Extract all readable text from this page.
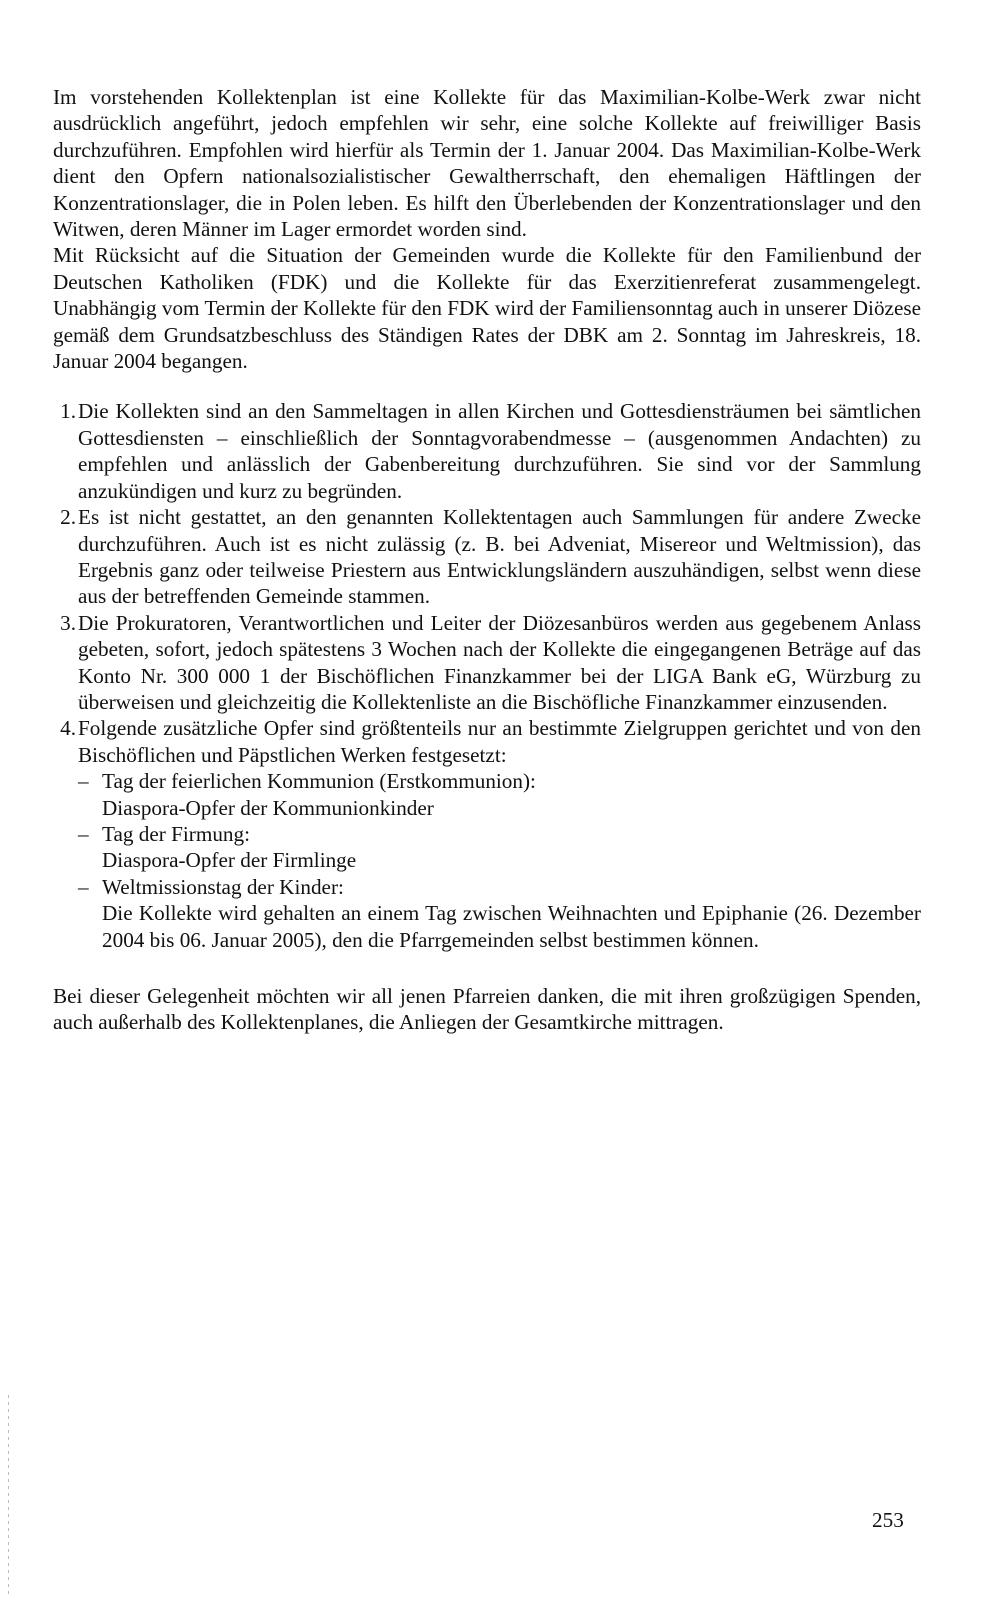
Im vorstehenden Kollektenplan ist eine Kollekte für das Maximilian-Kolbe-Werk zwar nicht ausdrücklich angeführt, jedoch empfehlen wir sehr, eine solche Kollekte auf freiwilliger Basis durchzuführen. Empfohlen wird hierfür als Termin der 1. Januar 2004. Das Maximilian-Kolbe-Werk dient den Opfern nationalsozialistischer Gewaltherrschaft, den ehemaligen Häftlingen der Konzentrationslager, die in Polen leben. Es hilft den Überlebenden der Konzentrationslager und den Witwen, deren Männer im Lager ermordet worden sind.

Mit Rücksicht auf die Situation der Gemeinden wurde die Kollekte für den Familienbund der Deutschen Katholiken (FDK) und die Kollekte für das Exerzitienreferat zusammengelegt. Unabhängig vom Termin der Kollekte für den FDK wird der Familiensonntag auch in unserer Diözese gemäß dem Grundsatzbeschluss des Ständigen Rates der DBK am 2. Sonntag im Jahreskreis, 18. Januar 2004 begangen.

1. Die Kollekten sind an den Sammeltagen in allen Kirchen und Gottesdiensträumen bei sämtlichen Gottesdiensten – einschließlich der Sonntagvorabendmesse – (ausgenommen Andachten) zu empfehlen und anlässlich der Gabenbereitung durchzuführen. Sie sind vor der Sammlung anzukündigen und kurz zu begründen.
2. Es ist nicht gestattet, an den genannten Kollektentagen auch Sammlungen für andere Zwecke durchzuführen. Auch ist es nicht zulässig (z. B. bei Adveniat, Misereor und Weltmission), das Ergebnis ganz oder teilweise Priestern aus Entwicklungsländern auszuhändigen, selbst wenn diese aus der betreffenden Gemeinde stammen.
3. Die Prokuratoren, Verantwortlichen und Leiter der Diözesanbüros werden aus gegebenem Anlass gebeten, sofort, jedoch spätestens 3 Wochen nach der Kollekte die eingegangenen Beträge auf das Konto Nr. 300 000 1 der Bischöflichen Finanzkammer bei der LIGA Bank eG, Würzburg zu überweisen und gleichzeitig die Kollektenliste an die Bischöfliche Finanzkammer einzusenden.
4. Folgende zusätzliche Opfer sind größtenteils nur an bestimmte Zielgruppen gerichtet und von den Bischöflichen und Päpstlichen Werken festgesetzt:
– Tag der feierlichen Kommunion (Erstkommunion):
Diaspora-Opfer der Kommunionkinder
– Tag der Firmung:
Diaspora-Opfer der Firmlinge
– Weltmissionstag der Kinder:
Die Kollekte wird gehalten an einem Tag zwischen Weihnachten und Epiphanie (26. Dezember 2004 bis 06. Januar 2005), den die Pfarrgemeinden selbst bestimmen können.

Bei dieser Gelegenheit möchten wir all jenen Pfarreien danken, die mit ihren großzügigen Spenden, auch außerhalb des Kollektenplanes, die Anliegen der Gesamtkirche mittragen.

253
